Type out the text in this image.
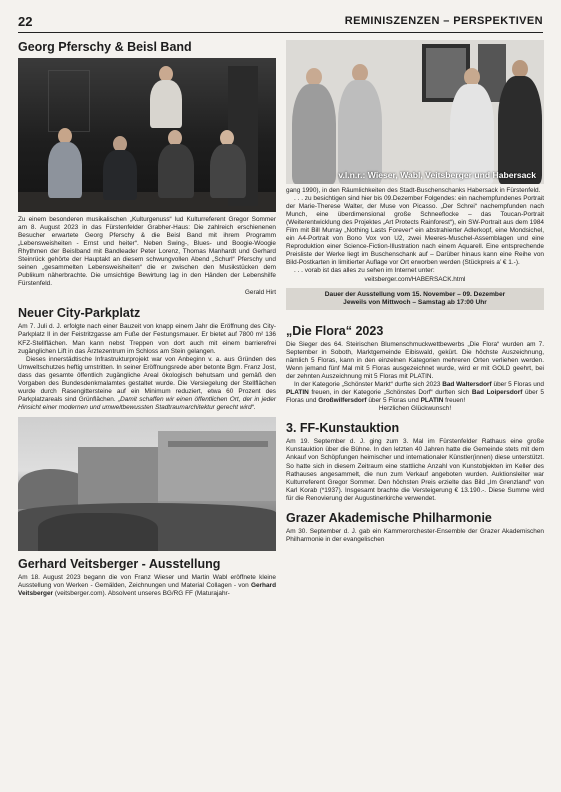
22	REMINISZENZEN – PERSPEKTIVEN
Georg Pferschy & Beisl Band

Zu einem besonderen musikalischen „Kulturgenuss“ lud Kulturreferent Gregor Sommer am 8. August 2023 in das Fürstenfelder Grabher-Haus: Die zahlreich erschienenen Besucher erwartete Georg Pferschy & die Beisl Band mit ihrem Programm „Lebensweisheiten - Ernst und heiter“. Neben Swing-, Blues- und Boogie-Woogie Rhythmen der Beislband mit Bandleader Peter Lorenz, Thomas Manhardt und Gerhard Steinrück gehörte der Hauptakt an diesem schwungvollen Abend „Schurl“ Pferschy und seinen „gesammelten Lebensweisheiten“ die er zwischen den Musikstücken dem Publikum näherbrachte. Die umsichtige Bewirtung lag in den Händen der Lebenshilfe Fürstenfeld.

Gerald Hirt
Neuer City-Parkplatz

Am 7. Juli d. J. erfolgte nach einer Bauzeit von knapp einem Jahr die Eröffnung des City-Parkplatz II in der Feistritzgasse am Fuße der Festungsmauer. Er bietet auf 7800 m² 136 KFZ-Stellflächen. Man kann nebst Treppen von dort auch mit einem barrierefrei zugänglichen Lift in das Ärztezentrum im Schloss am Stein gelangen.

Dieses innerstädtische Infrastrukturprojekt war von Anbeginn v. a. aus Gründen des Umweltschutzes heftig umstritten. In seiner Eröffnungsrede aber betonte Bgm. Franz Jost, dass das gesamte öffentlich zugängliche Areal ökologisch behutsam und gemäß den Vorgaben des Bundesdenkmalamtes gestaltet wurde. Die Versiegelung der Stellflächen wurde durch Rasengittersteine auf ein Minimum reduziert, etwa 60 Prozent des Parkplatzareals sind Grünflächen. „Damit schaffen wir einen öffentlichen Ort, der in jeder Hinsicht einer modernen und umweltbewussten Stadtraumarchitektur gerecht wird“.

Gerhard Veitsberger - Ausstellung

Am 18. August 2023 begann die von Franz Wieser und Martin Wabl eröffnete kleine Ausstellung von Werken - Gemälden, Zeichnungen und Material Collagen - von Gerhard Veitsberger (veitsberger.com). Absolvent unseres BG/RG FF (Maturajahr-

v.l.n.r.: Wieser, Wabl, Veitsberger und Habersack

gang 1990), in den Räumlichkeiten des Stadt-Buschenschanks Habersack in Fürstenfeld.

. . . zu besichtigen sind hier bis 09.Dezember Folgendes: ein nachempfundenes Portrait der Marie-Therese Walter, der Muse von Picasso. „Der Schrei“ nachempfunden nach Munch, eine überdimensional große Schneeflocke – das Toucan-Portrait (Weiterentwicklung des Projektes „Art Protects Rainforest“), ein SW-Portrait aus dem 1984 Film mit Bill Murray „Nothing Lasts Forever“ ein abstrahierter Adlerkopf, eine Mondsichel, ein A4-Portrait von Bono Vox von U2, zwei Meeres-Muschel-Assemblagen und eine Reproduktion einer Science-Fiction-Illustration nach einem Aquarell. Eine entsprechende Preisliste der Werke liegt im Buschenschank auf – Darüber hinaus kann eine Reihe von Bild-Postkarten in limitierter Auflage vor Ort erworben werden (Stückpreis a’ € 1.-).

. . . vorab ist das alles zu sehen im Internet unter:

veitsberger.com/HABERSACK.html

Dauer der Ausstellung vom 15. November – 09. Dezember

Jeweils von Mittwoch – Samstag ab 17:00 Uhr

„Die Flora“ 2023

Die Sieger des 64. Steirischen Blumenschmuckwettbewerbs „Die Flora“ wurden am 7. September in Soboth, Marktgemeinde Eibiswald, gekürt. Die höchste Auszeichnung, nämlich 5 Floras, kann in den einzelnen Kategorien mehreren Orten verliehen werden. Wenn jemand fünf Mal mit 5 Floras ausgezeichnet wurde, wird er mit GOLD geehrt, bei der zehnten Auszeichnung mit 5 Floras mit PLATIN.

In der Kategorie „Schönster Markt“ durfte sich 2023 Bad Waltersdorf über 5 Floras und PLATIN freuen, in der Kategorie „Schönstes Dorf“ durften sich Bad Loipersdorf über 5 Floras und Großwilfersdorf über 5 Floras und PLATIN freuen!

Herzlichen Glückwunsch!

3. FF-Kunstauktion

Am 19. September d. J. ging zum 3. Mal im Fürstenfelder Rathaus eine große Kunstauktion über die Bühne. In den letzten 40 Jahren hatte die Gemeinde stets mit dem Ankauf von Schöpfungen heimischer und internationaler Künstler(innen) diese unterstützt. So hatte sich in diesem Zeitraum eine stattliche Anzahl von Kunstobjekten im Keller des Rathauses angesammelt, die nun zum Verkauf angeboten wurden. Auktionsleiter war Kulturreferent Gregor Sommer. Den höchsten Preis erzielte das Bild „Im Grenzland“ von Karl Korab (*1937). Insgesamt brachte die Versteigerung € 13.190.-. Diese Summe wird für die Renovierung der Augustinerkirche verwendet.

Grazer Akademische Philharmonie

Am 30. September d. J. gab ein Kammerorchester-Ensemble der Grazer Akademischen Philharmonie in der evangelischen
